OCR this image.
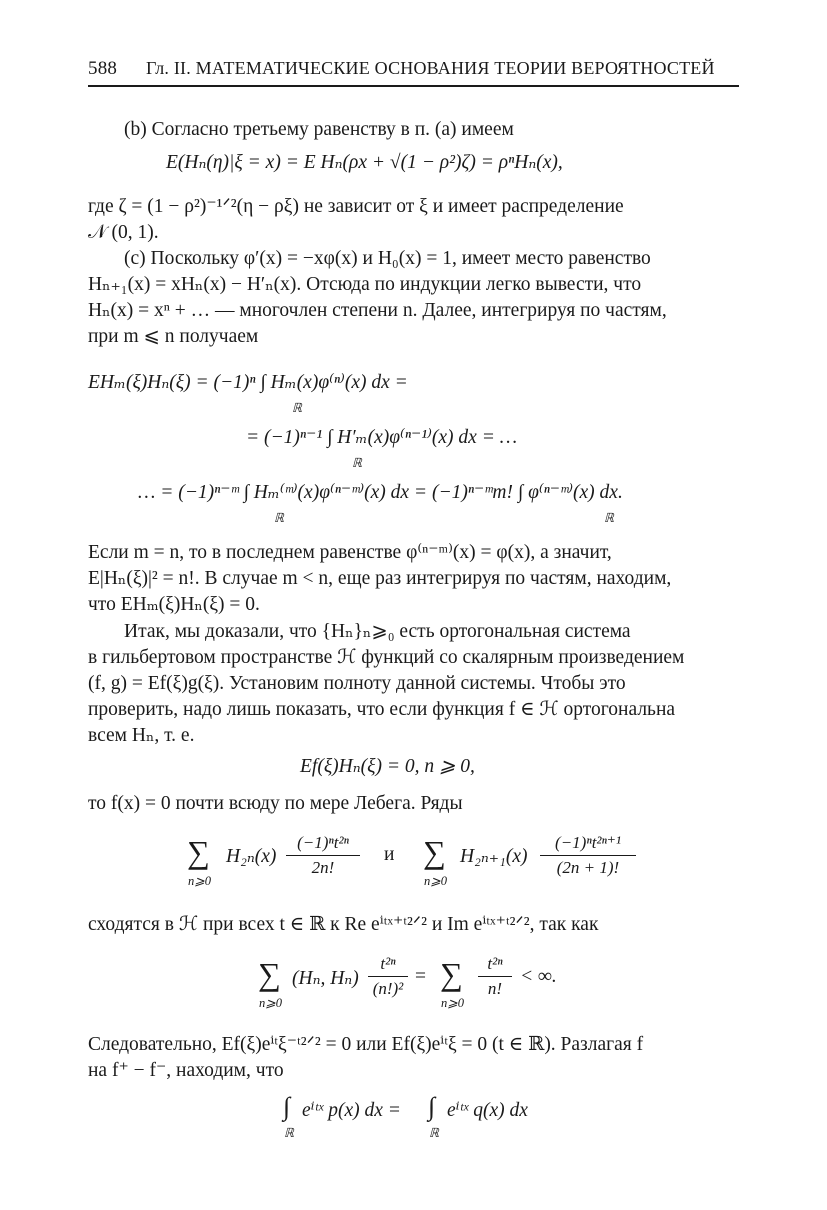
588 Гл. II. МАТЕМАТИЧЕСКИЕ ОСНОВАНИЯ ТЕОРИИ ВЕРОЯТНОСТЕЙ
(b) Согласно третьему равенству в п. (a) имеем
E(Hₙ(η)|ξ = x) = E Hₙ(ρx + √(1 − ρ²)ζ) = ρⁿHₙ(x),
где ζ = (1 − ρ²)⁻¹ᐟ²(η − ρξ) не зависит от ξ и имеет распределение
𝒩 (0, 1).
(c) Поскольку φ′(x) = −xφ(x) и H₀(x) = 1, имеет место равенство
Hₙ₊₁(x) = xHₙ(x) − H′ₙ(x). Отсюда по индукции легко вывести, что
Hₙ(x) = xⁿ + … — многочлен степени n. Далее, интегрируя по частям,
при m ⩽ n получаем
EHₘ(ξ)Hₙ(ξ) = (−1)ⁿ ∫ Hₘ(x)φ⁽ⁿ⁾(x) dx =
ℝ
= (−1)ⁿ⁻¹ ∫ H′ₘ(x)φ⁽ⁿ⁻¹⁾(x) dx = …
ℝ
… = (−1)ⁿ⁻ᵐ ∫ Hₘ⁽ᵐ⁾(x)φ⁽ⁿ⁻ᵐ⁾(x) dx = (−1)ⁿ⁻ᵐm! ∫ φ⁽ⁿ⁻ᵐ⁾(x) dx.
ℝ	ℝ
Если m = n, то в последнем равенстве φ⁽ⁿ⁻ᵐ⁾(x) = φ(x), а значит,
E|Hₙ(ξ)|² = n!. В случае m < n, еще раз интегрируя по частям, находим,
что EHₘ(ξ)Hₙ(ξ) = 0.
Итак, мы доказали, что {Hₙ}ₙ⩾₀ есть ортогональная система
в гильбертовом пространстве ℋ функций со скалярным произведением
(f, g) = Ef(ξ)g(ξ). Установим полноту данной системы. Чтобы это
проверить, надо лишь показать, что если функция f ∈ ℋ ортогональна
всем Hₙ, т. е.
Ef(ξ)Hₙ(ξ) = 0, n ⩾ 0,
то f(x) = 0 почти всюду по мере Лебега. Ряды
∑
n⩾0
H₂ₙ(x)
(−1)ⁿt²ⁿ
2n!
и ∑
n⩾0
H₂ₙ₊₁(x)
(−1)ⁿt²ⁿ⁺¹
(2n + 1)!
сходятся в ℋ при всех t ∈ ℝ к Re eⁱᵗˣ⁺ᵗ²ᐟ² и Im eⁱᵗˣ⁺ᵗ²ᐟ², так как
∑
n⩾0
(Hₙ, Hₙ)
t²ⁿ
(n!)²
= ∑
n⩾0
t²ⁿ
n!
< ∞.
Следовательно, Ef(ξ)eⁱᵗξ⁻ᵗ²ᐟ² = 0 или Ef(ξ)eⁱᵗξ = 0 (t ∈ ℝ). Разлагая f
на f⁺ − f⁻, находим, что
∫
ℝ
eⁱᵗˣ p(x) dx = ∫
ℝ
eⁱᵗˣ q(x) dx
